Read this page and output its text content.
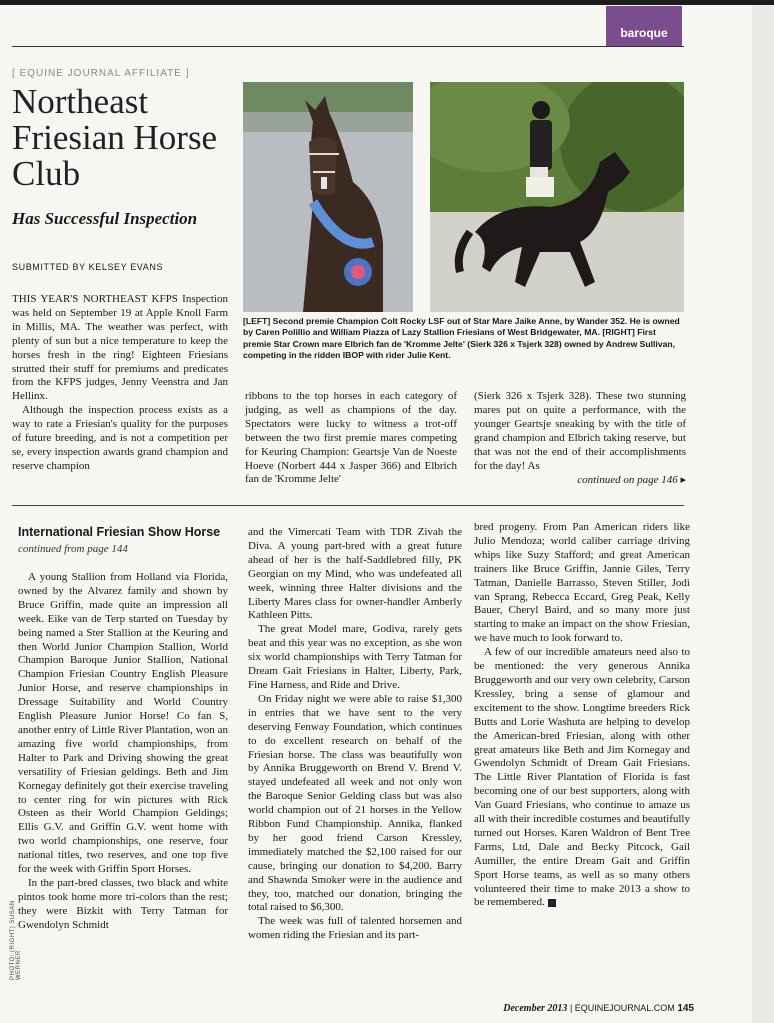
baroque
[ EQUINE JOURNAL AFFILIATE ]
Northeast Friesian Horse Club
Has Successful Inspection
SUBMITTED BY KELSEY EVANS
[LEFT] Second premie Champion Colt Rocky LSF out of Star Mare Jaike Anne, by Wander 352. He is owned by Caren Polillio and William Piazza of Lazy Stallion Friesians of West Bridgewater, MA. [RIGHT] First premie Star Crown mare Elbrich fan de 'Kromme Jelte' (Sierk 326 x Tsjerk 328) owned by Andrew Sullivan, competing in the ridden IBOP with rider Julie Kent.

THIS YEAR'S NORTHEAST KFPS Inspection was held on September 19 at Apple Knoll Farm in Millis, MA. The weather was perfect, with plenty of sun but a nice temperature to keep the horses fresh in the ring! Eighteen Friesians strutted their stuff for premiums and predicates from the KFPS judges, Jenny Veenstra and Jan Hellinx.

Although the inspection process exists as a way to rate a Friesian's quality for the purposes of future breeding, and is not a competition per se, every inspection awards grand champion and reserve champion

ribbons to the top horses in each category of judging, as well as champions of the day. Spectators were lucky to witness a trot-off between the two first premie mares competing for Keuring Champion: Geartsje Van de Noeste Hoeve (Norbert 444 x Jasper 366) and Elbrich fan de 'Kromme Jelte'

(Sierk 326 x Tsjerk 328). These two stunning mares put on quite a performance, with the younger Geartsje sneaking by with the title of grand champion and Elbrich taking reserve, but that was not the end of their accomplishments for the day! As

continued on page 146 ▸
International Friesian Show Horse
continued from page 144

A young Stallion from Holland via Florida, owned by the Alvarez family and shown by Bruce Griffin, made quite an impression all week. Eike van de Terp started on Tuesday by being named a Ster Stallion at the Keuring and then World Junior Champion Stallion, World Champion Baroque Junior Stallion, National Champion Friesian Country English Pleasure Junior Horse, and reserve championships in Dressage Suitability and World Country English Pleasure Junior Horse! Co fan S, another entry of Little River Plantation, won an amazing five world championships, from Halter to Park and Driving showing the great versatility of Friesian geldings. Beth and Jim Kornegay definitely got their exercise traveling to center ring for win pictures with Rick Osteen as their World Champion Geldings; Ellis G.V. and Griffin G.V. went home with two world championships, one reserve, four national titles, two reserves, and one top five for the week with Griffin Sport Horses.

In the part-bred classes, two black and white pintos took home more tri-colors than the rest; they were Bizkit with Terry Tatman for Gwendolyn Schmidt

and the Vimercati Team with TDR Zivah the Diva. A young part-bred with a great future ahead of her is the half-Saddlebred filly, PK Georgian on my Mind, who was undefeated all week, winning three Halter divisions and the Liberty Mares class for owner-handler Amberly Kathleen Pitts.

The great Model mare, Godiva, rarely gets beat and this year was no exception, as she won six world championships with Terry Tatman for Dream Gait Friesians in Halter, Liberty, Park, Fine Harness, and Ride and Drive.

On Friday night we were able to raise $1,300 in entries that we have sent to the very deserving Fenway Foundation, which continues to do excellent research on behalf of the Friesian horse. The class was beautifully won by Annika Bruggeworth on Brend V. Brend V. stayed undefeated all week and not only won the Baroque Senior Gelding class but was also world champion out of 21 horses in the Yellow Ribbon Fund Championship. Annika, flanked by her good friend Carson Kressley, immediately matched the $2,100 raised for our cause, bringing our donation to $4,200. Barry and Shawnda Smoker were in the audience and they, too, matched our donation, bringing the total raised to $6,300.

The week was full of talented horsemen and women riding the Friesian and its part-

bred progeny. From Pan American riders like Julio Mendoza; world caliber carriage driving whips like Suzy Stafford; and great American trainers like Bruce Griffin, Jannie Giles, Terry Tatman, Danielle Barrasso, Steven Stiller, Jodi van Sprang, Rebecca Eccard, Greg Peak, Kelly Bauer, Cheryl Baird, and so many more just starting to make an impact on the show Friesian, we have much to look forward to.

A few of our incredible amateurs need also to be mentioned: the very generous Annika Bruggeworth and our very own celebrity, Carson Kressley, bring a sense of glamour and excitement to the show. Longtime breeders Rick Butts and Lorie Washuta are helping to develop the American-bred Friesian, along with other great amateurs like Beth and Jim Kornegay and Gwendolyn Schmidt of Dream Gait Friesians. The Little River Plantation of Florida is fast becoming one of our best supporters, along with Van Guard Friesians, who continue to amaze us all with their incredible costumes and beautifully turned out Horses. Karen Waldron of Bent Tree Farms, Ltd, Dale and Becky Pitcock, Gail Aumiller, the entire Dream Gait and Griffin Sport Horse teams, as well as so many others volunteered their time to make 2013 a show to be remembered.

PHOTO: (RIGHT) SUSAN WERNER
December 2013 | EQUINEJOURNAL.COM 145
